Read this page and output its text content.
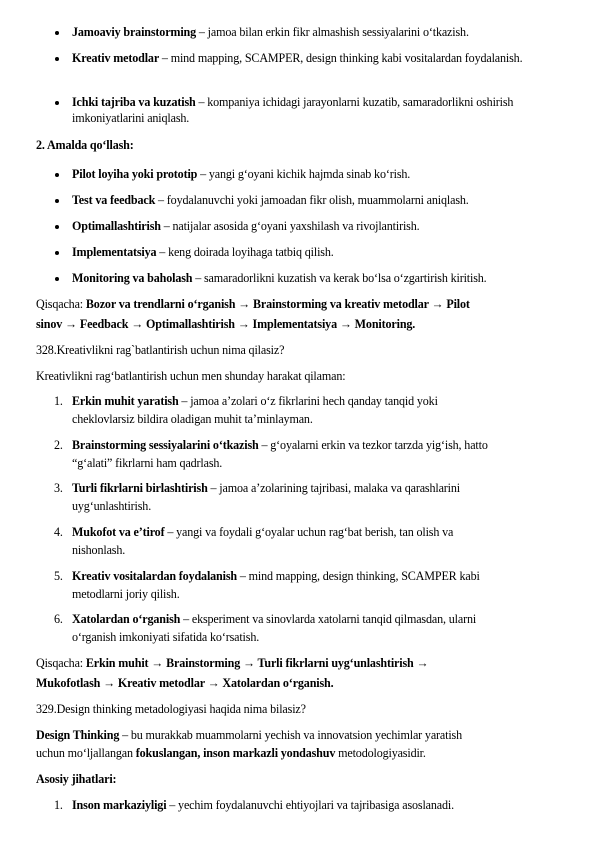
Jamoaviy brainstorming – jamoa bilan erkin fikr almashish sessiyalarini o‘tkazish.
Kreativ metodlar – mind mapping, SCAMPER, design thinking kabi vositalardan foydalanish.
Ichki tajriba va kuzatish – kompaniya ichidagi jarayonlarni kuzatib, samaradorlikni oshirish imkoniyatlarini aniqlash.
2. Amalda qo‘llash:
Pilot loyiha yoki prototip – yangi g‘oyani kichik hajmda sinab ko‘rish.
Test va feedback – foydalanuvchi yoki jamoadan fikr olish, muammolarni aniqlash.
Optimallashtirish – natijalar asosida g‘oyani yaxshilash va rivojlantirish.
Implementatsiya – keng doirada loyihaga tatbiq qilish.
Monitoring va baholash – samaradorlikni kuzatish va kerak bo‘lsa o‘zgartirish kiritish.
Qisqacha: Bozor va trendlarni o‘rganish → Brainstorming va kreativ metodlar → Pilot
sinov → Feedback → Optimallashtirish → Implementatsiya → Monitoring.
328.Kreativlikni rag`batlantirish uchun nima qilasiz?
Kreativlikni rag‘batlantirish uchun men shunday harakat qilaman:
1. Erkin muhit yaratish – jamoa a’zolari o‘z fikrlarini hech qanday tanqid yoki
cheklovlarsiz bildira oladigan muhit ta’minlayman.
2. Brainstorming sessiyalarini o‘tkazish – g‘oyalarni erkin va tezkor tarzda yig‘ish, hatto
“g‘alati” fikrlarni ham qadrlash.
3. Turli fikrlarni birlashtirish – jamoa a’zolarining tajribasi, malaka va qarashlarini
uyg‘unlashtirish.
4. Mukofot va e’tirof – yangi va foydali g‘oyalar uchun rag‘bat berish, tan olish va
nishonlash.
5. Kreativ vositalardan foydalanish – mind mapping, design thinking, SCAMPER kabi
metodlarni joriy qilish.
6. Xatolardan o‘rganish – eksperiment va sinovlarda xatolarni tanqid qilmasdan, ularni
o‘rganish imkoniyati sifatida ko‘rsatish.
Qisqacha: Erkin muhit → Brainstorming → Turli fikrlarni uyg‘unlashtirish →
Mukofotlash → Kreativ metodlar → Xatolardan o‘rganish.
329.Design thinking metadologiyasi haqida nima bilasiz?
Design Thinking – bu murakkab muammolarni yechish va innovatsion yechimlar yaratish
uchun mo‘ljallangan fokuslangan, inson markazli yondashuv metodologiyasidir.
Asosiy jihatlari:
1. Inson markaziyligi – yechim foydalanuvchi ehtiyojlari va tajribasiga asoslanadi.
